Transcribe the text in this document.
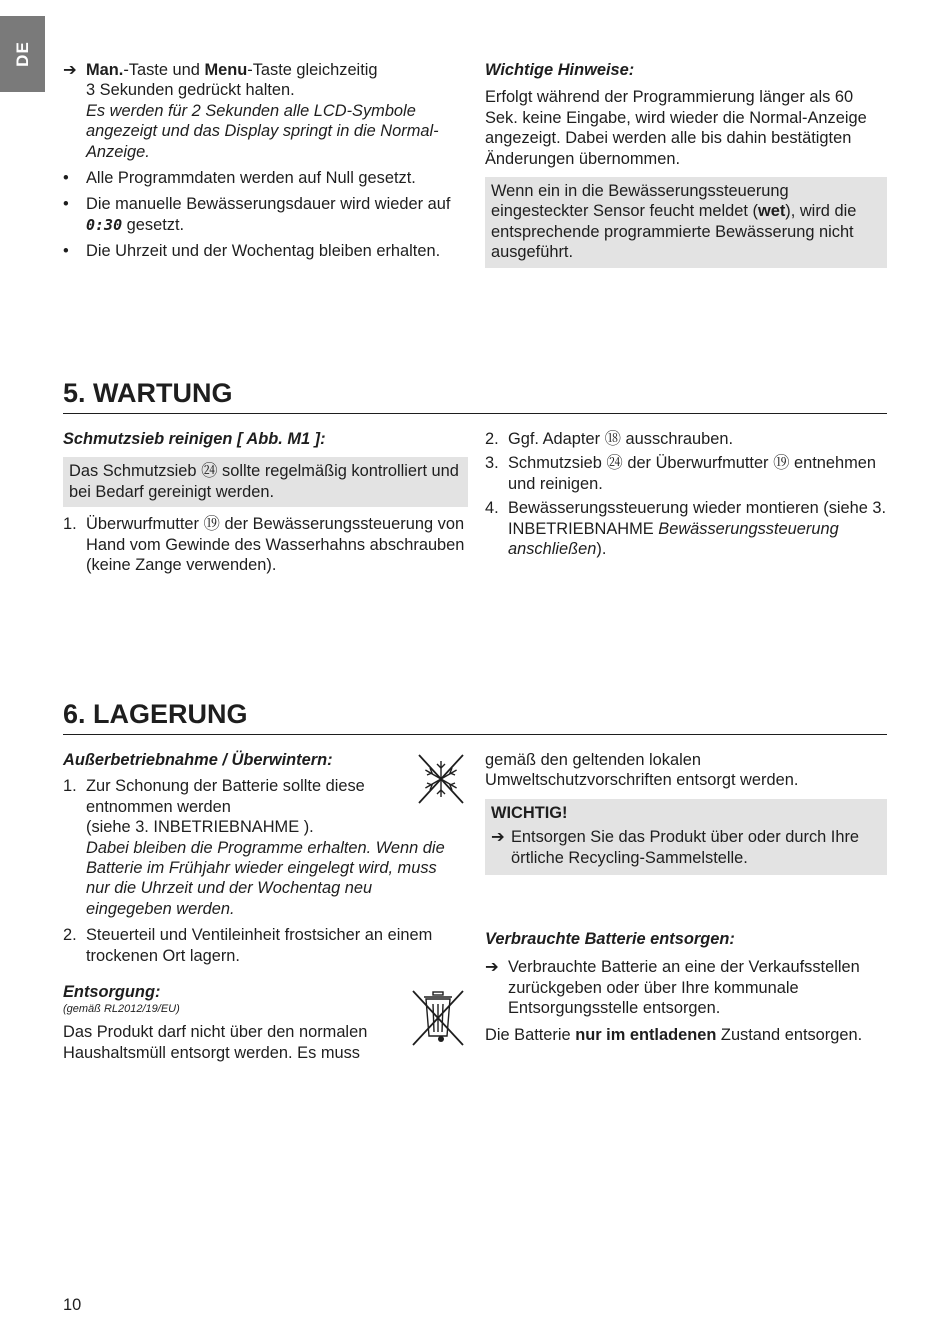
DE
➔ Man.-Taste und Menu-Taste gleichzeitig

3 Sekunden gedrückt halten.

Es werden für 2 Sekunden alle LCD-Symbole angezeigt und das Display springt in die Normal-Anzeige.

• Alle Programmdaten werden auf Null gesetzt.

• Die manuelle Bewässerungsdauer wird wieder auf 0:30 gesetzt.

• Die Uhrzeit und der Wochentag bleiben erhalten.

Wichtige Hinweise:

Erfolgt während der Programmierung länger als 60 Sek. keine Eingabe, wird wieder die Normal-Anzeige angezeigt. Dabei werden alle bis dahin bestätigten Änderungen übernommen.

Wenn ein in die Bewässerungssteuerung eingesteckter Sensor feucht meldet (wet), wird die entsprechende programmierte Bewässerung nicht ausgeführt.

5. WARTUNG

Schmutzsieb reinigen [ Abb. M1 ]:

Das Schmutzsieb ㉔ sollte regelmäßig kontrolliert und bei Bedarf gereinigt werden.

1. Überwurfmutter ⑲ der Bewässerungssteuerung von Hand vom Gewinde des Wasserhahns abschrauben (keine Zange verwenden).

2. Ggf. Adapter ⑱ ausschrauben.

3. Schmutzsieb ㉔ der Überwurfmutter ⑲ entnehmen und reinigen.

4. Bewässerungssteuerung wieder montieren (siehe 3. INBETRIEBNAHME Bewässerungssteuerung anschließen).

6. LAGERUNG

Außerbetriebnahme / Überwintern:

1. Zur Schonung der Batterie sollte diese entnommen werden

(siehe 3. INBETRIEBNAHME ).

Dabei bleiben die Programme erhalten. Wenn die Batterie im Frühjahr wieder eingelegt wird, muss nur die Uhrzeit und der Wochentag neu eingegeben werden.

2. Steuerteil und Ventileinheit frostsicher an einem trockenen Ort lagern.

Entsorgung:

(gemäß RL2012/19/EU)

Das Produkt darf nicht über den normalen Haushaltsmüll entsorgt werden. Es muss

gemäß den geltenden lokalen Umweltschutzvorschriften entsorgt werden.

WICHTIG!

➔ Entsorgen Sie das Produkt über oder durch Ihre örtliche Recycling-Sammelstelle.

Verbrauchte Batterie entsorgen:

➔ Verbrauchte Batterie an eine der Verkaufsstellen zurückgeben oder über Ihre kommunale Entsorgungsstelle entsorgen.

Die Batterie nur im entladenen Zustand entsorgen.

10
